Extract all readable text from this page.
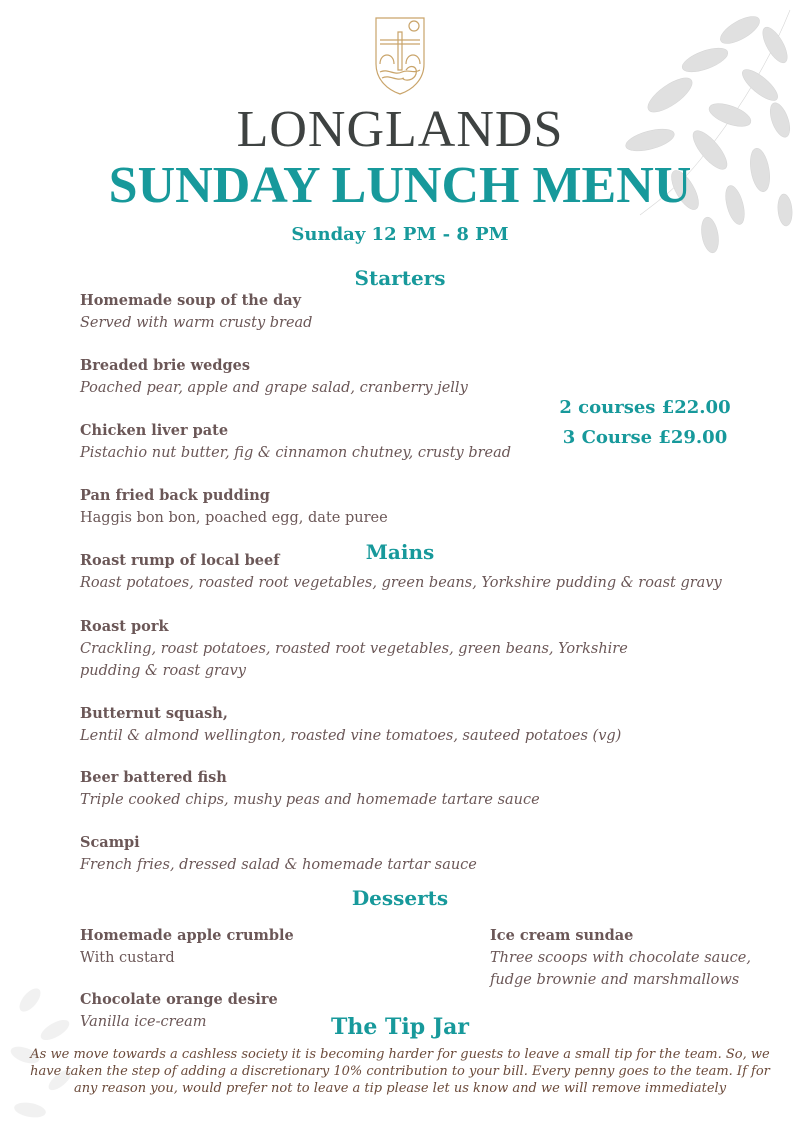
LONGLANDS
SUNDAY LUNCH MENU
Sunday 12 PM - 8 PM
Starters
Homemade soup of the day
Served with warm crusty bread
Breaded brie wedges
Poached pear, apple and grape salad, cranberry jelly
Chicken liver pate
Pistachio nut butter, fig & cinnamon chutney, crusty bread
Pan fried back pudding
Haggis bon bon, poached egg, date puree
2 courses £22.00
3 Course £29.00
Mains
Roast rump of local beef
Roast potatoes, roasted root vegetables, green beans, Yorkshire pudding & roast gravy
Roast pork
Crackling, roast potatoes, roasted root vegetables, green beans, Yorkshire
pudding & roast gravy
Butternut squash,
Lentil & almond wellington, roasted vine tomatoes, sauteed potatoes (vg)
Beer battered fish
Triple cooked chips, mushy peas and homemade tartare sauce
Scampi
French fries, dressed salad & homemade tartar sauce
Desserts
Homemade apple crumble
With custard
Ice cream sundae
Three scoops with chocolate sauce,
fudge brownie and marshmallows
Chocolate orange desire
Vanilla ice-cream	The Tip Jar
As we move towards a cashless society it is becoming harder for guests to leave a small tip for the team. So, we have taken the step of adding a discretionary 10% contribution to your bill. Every penny goes to the team. If for any reason you, would prefer not to leave a tip please let us know and we will remove immediately
